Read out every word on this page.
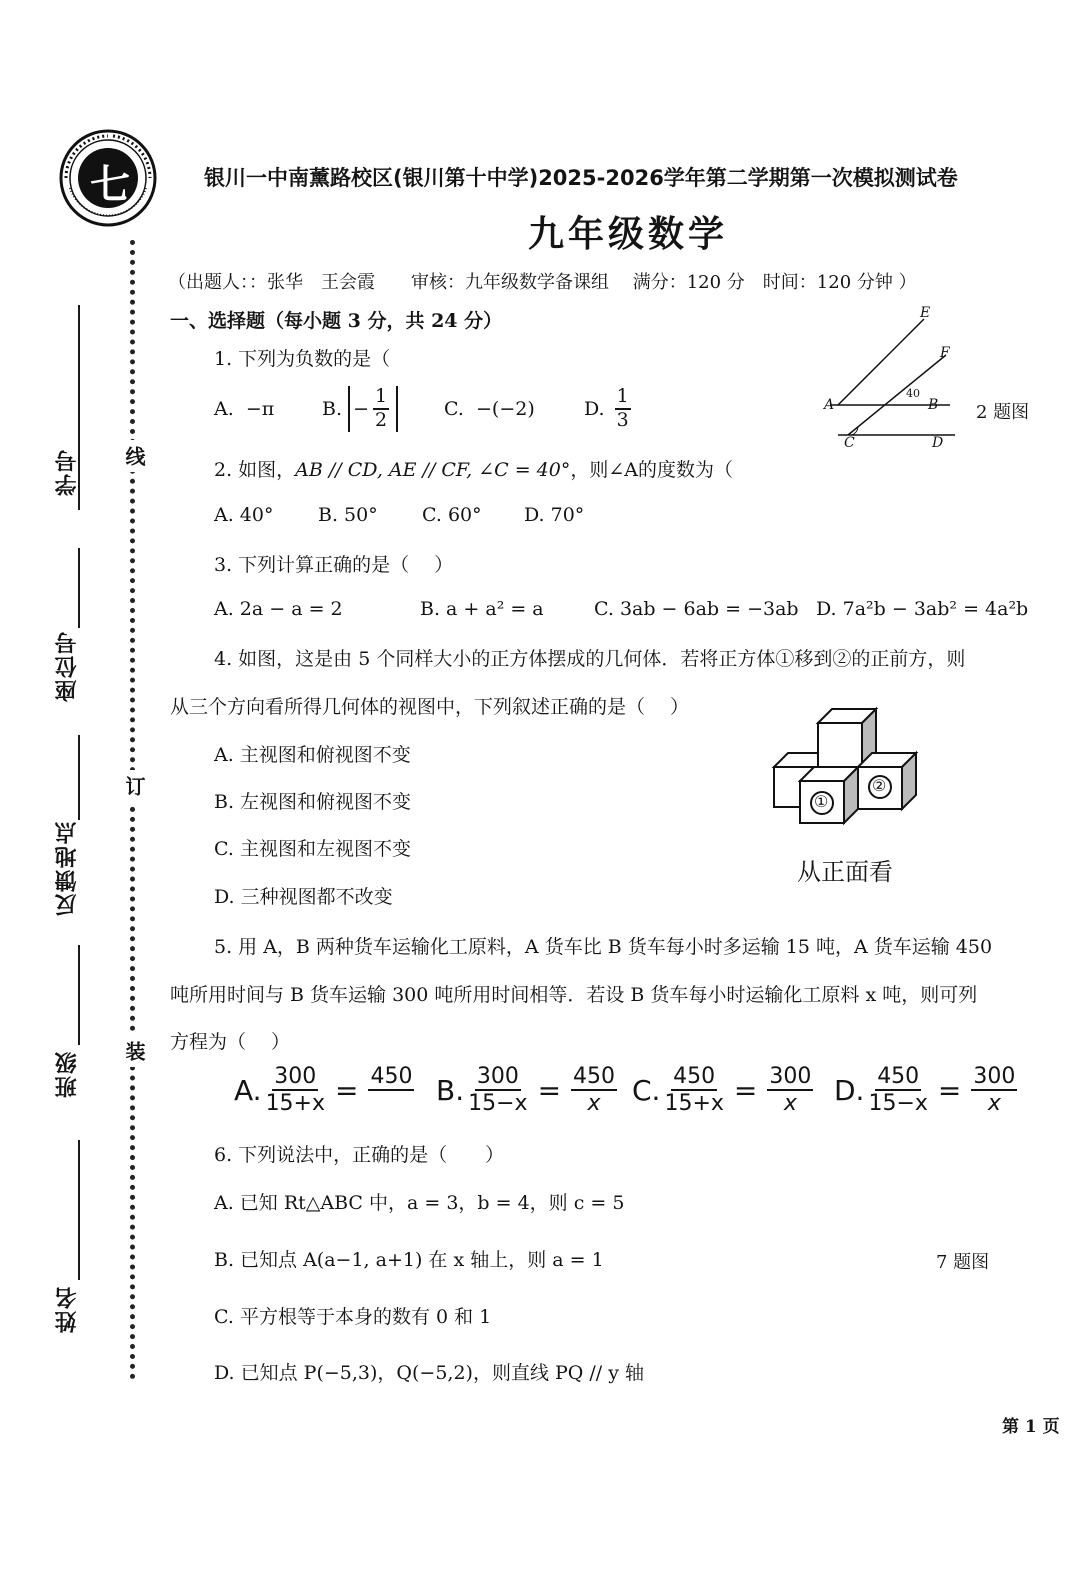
七
学号
座位号
反馈地点
班级
姓名
线
订
装
银川一中南薰路校区(银川第十中学)2025-2026学年第二学期第一次模拟测试卷
九年级数学
（出题人：：张华　王会霞　　审核：九年级数学备课组　 满分：120 分　时间：120 分钟 ）
一、选择题（每小题 3 分，共 24 分）
1. 下列为负数的是（
A. −π	B.
− $\frac{1}{2}$	C. −(−2)	D.
$\frac{1}{3}$
E
F
A	B
C	D
40
2 题图
2. 如图，AB // CD, AE // CF, ∠C = 40°，则∠A的度数为（
A. 40° B. 50° C. 60° D. 70°
3. 下列计算正确的是（　 ）
A. 2a − a = 2	B. a + a² = a	C. 3ab − 6ab = −3ab D. 7a²b − 3ab² = 4a²b
4. 如图，这是由 5 个同样大小的正方体摆成的几何体．若将正方体①移到②的正前方，则
从三个方向看所得几何体的视图中，下列叙述正确的是（　 ）
A. 主视图和俯视图不变
B. 左视图和俯视图不变
C. 主视图和左视图不变
D. 三种视图都不改变
①
②
从正面看
5. 用 A，B 两种货车运输化工原料，A 货车比 B 货车每小时多运输 15 吨，A 货车运输 450
吨所用时间与 B 货车运输 300 吨所用时间相等．若设 B 货车每小时运输化工原料 x 吨，则可列
方程为（　 ）
A. $\frac{300}{15+x} = 450$ B. $\frac{300}{15-x} = \frac{450}{x} C$. $\frac{450}{15+x} = \frac{300}{x} D$. $\frac{450}{15-x} = \frac{300}{x}$
6. 下列说法中，正确的是（　　）
A. 已知 Rt△ABC 中，a = 3，b = 4，则 c = 5
B. 已知点 A(a−1, a+1) 在 x 轴上，则 a = 1
C. 平方根等于本身的数有 0 和 1
D. 已知点 P(−5,3)，Q(−5,2)，则直线 PQ // y 轴
7 题图
第 1 页
